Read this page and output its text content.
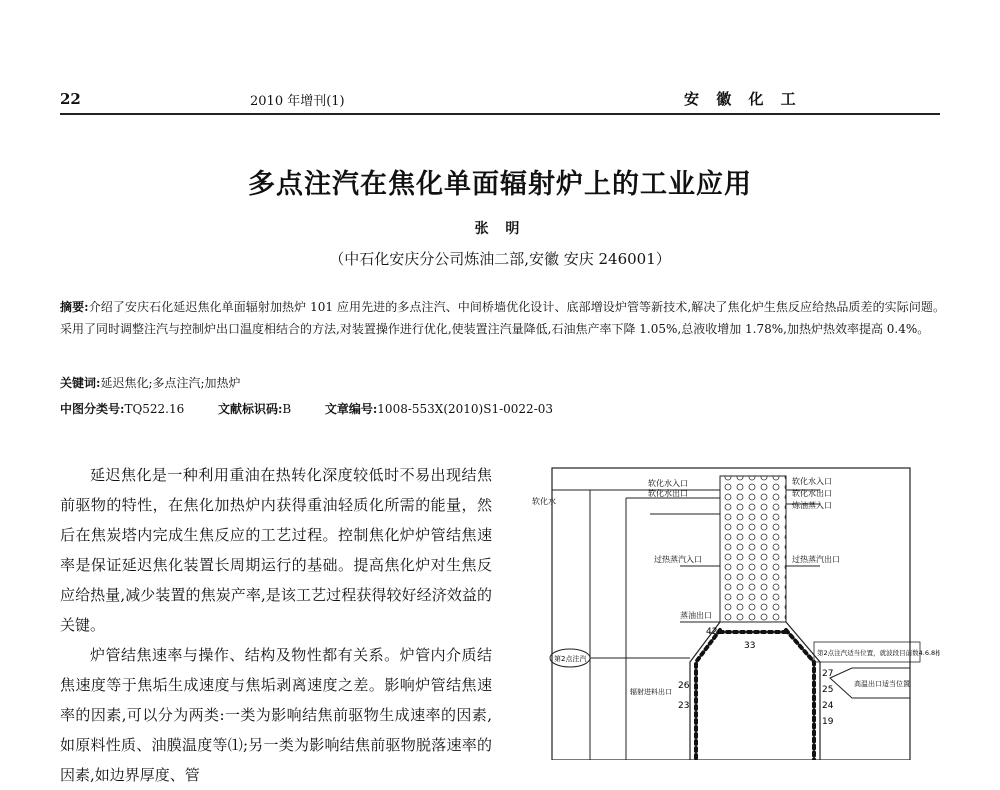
22	2010 年增刊(1)	安 徽 化 工
多点注汽在焦化单面辐射炉上的工业应用
张 明
（中石化安庆分公司炼油二部,安徽 安庆 246001）
摘要:介绍了安庆石化延迟焦化单面辐射加热炉 101 应用先进的多点注汽、中间桥墙优化设计、底部增设炉管等新技术,解决了焦化炉生焦反应给热品质差的实际问题。采用了同时调整注汽与控制炉出口温度相结合的方法,对装置操作进行优化,使装置注汽量降低,石油焦产率下降 1.05%,总液收增加 1.78%,加热炉热效率提高 0.4%。
关键词:延迟焦化;多点注汽;加热炉
中图分类号:TQ522.16	文献标识码:B	文章编号:1008-553X(2010)S1-0022-03

延迟焦化是一种利用重油在热转化深度较低时不易出现结焦前驱物的特性，在焦化加热炉内获得重油轻质化所需的能量，然后在焦炭塔内完成生焦反应的工艺过程。控制焦化炉炉管结焦速率是保证延迟焦化装置长周期运行的基础。提高焦化炉对生焦反应给热量,减少装置的焦炭产率,是该工艺过程获得较好经济效益的关键。

炉管结焦速率与操作、结构及物性都有关系。炉管内介质结焦速度等于焦垢生成速度与焦垢剥离速度之差。影响炉管结焦速率的因素,可以分为两类:一类为影响结焦前驱物生成速率的因素,如原料性质、油膜温度等⑴;另一类为影响结焦前驱物脱落速率的因素,如边界厚度、管

软化水
软化水入口
软化水出口
软化水入口
软化水出口
炼油蒸入口
过热蒸汽入口	过热蒸汽出口
蒸油出口
第2点注汽适当位置，就波段目前数4.6.8根
第2点注汽
辐射进料出口
高温出口适当位置
42
33
26
23
27
25
24
19
